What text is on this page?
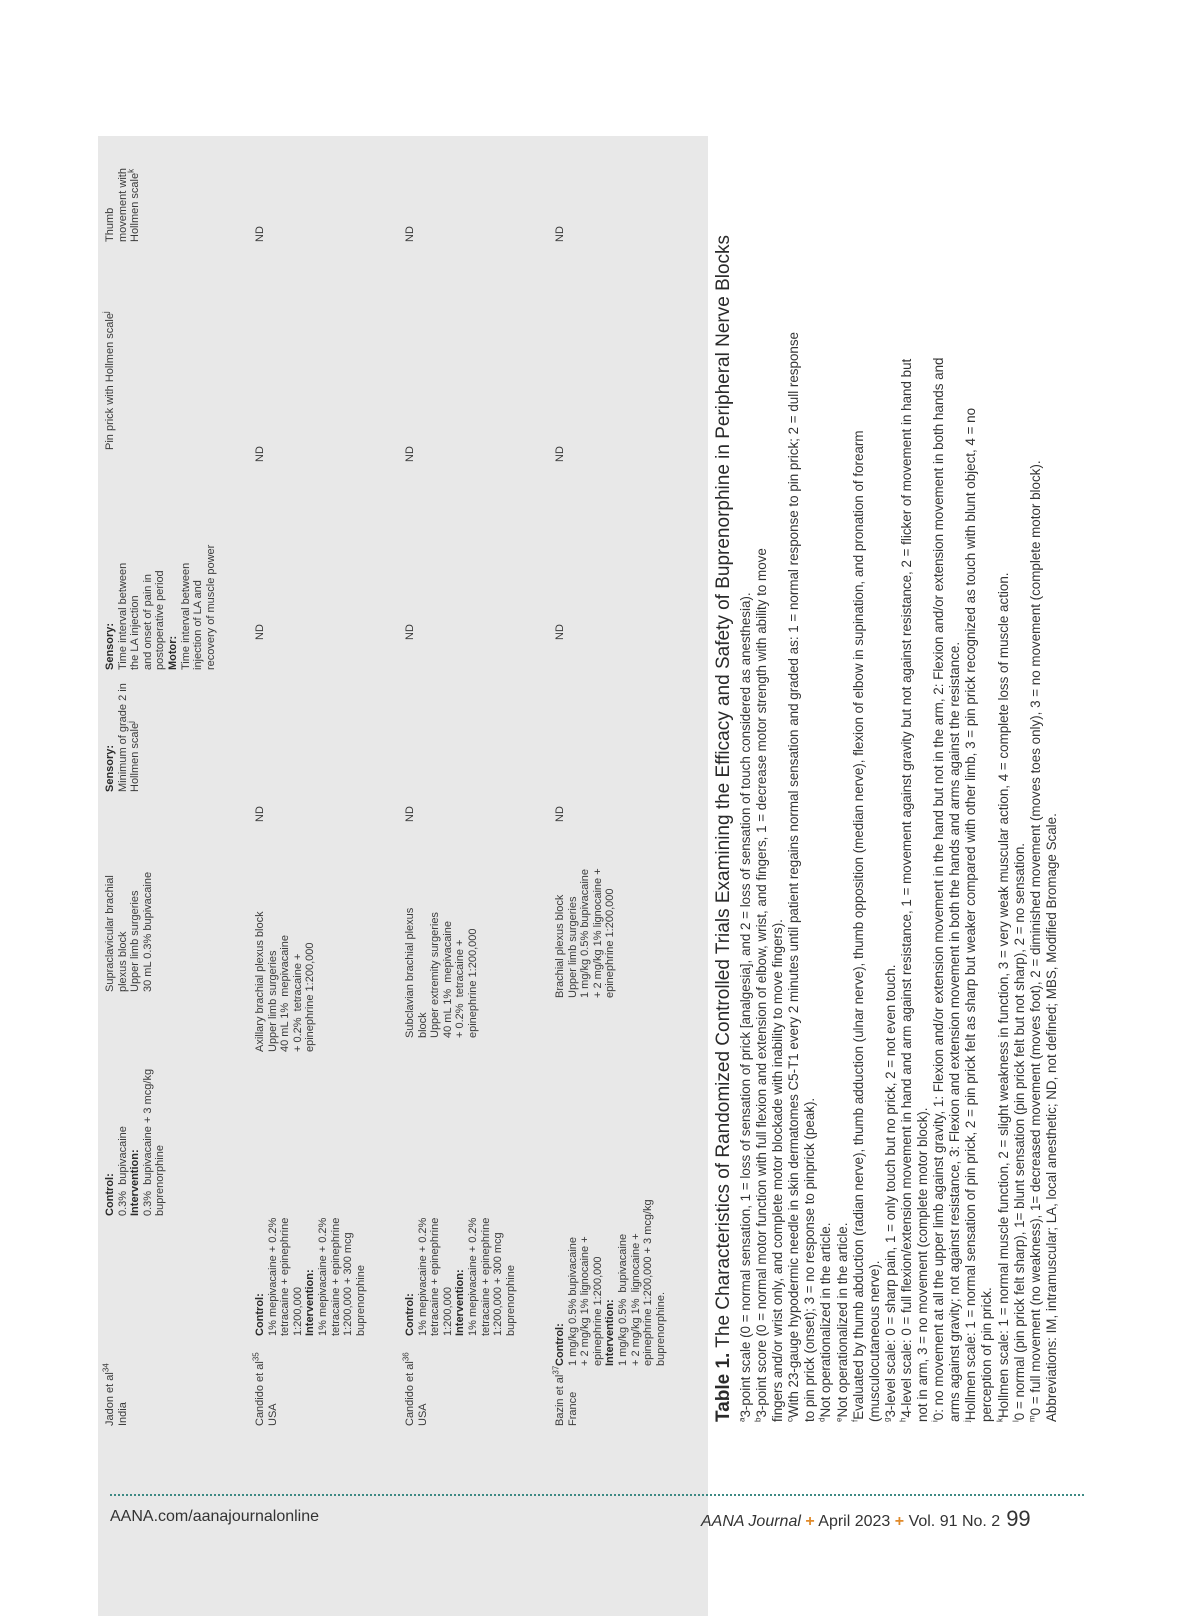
Jadon et $al^{34}$
India
Control:
0.3%  bupivacaine
Intervention:
0.3%  bupivacaine + 3 mcg/kg
buprenorphine
Supraclavicular brachial
plexus block
Upper limb surgeries
30 mL 0.3% bupivacaine
Sensory:
Minimum of grade 2 in
Hollmen scale$^j$
Sensory:
Time interval between
the LA injection
and onset of pain in
postoperative period
Motor:
Time interval between
injection of LA and
recovery of muscle power
Pin prick with Hollmen scale$^j$
Thumb
movement with
Hollmen scale$^k$
Candido et $al^{35}$
USA
Control:
1% mepivacaine + 0.2%
tetracaine + epinephrine
1:200,000
Intervention:
1% mepivacaine + 0.2%
tetracaine + epinephrine
1:200,000 + 300 mcg
buprenorphine
Axillary brachial plexus block
Upper limb surgeries
40 mL 1%  mepivacaine
+ 0.2%  tetracaine +
epinephrine 1:200,000
ND
ND
ND
ND
Candido et $al^{36}$
USA
Control:
1% mepivacaine + 0.2%
tetracaine + epinephrine
1:200,000
Intervention:
1% mepivacaine + 0.2%
tetracaine + epinephrine
1:200,000 + 300 mcg
buprenorphine
Subclavian brachial plexus
block
Upper extremity surgeries
40 mL 1%  mepivacaine
+ 0.2%  tetracaine +
epinephrine 1:200,000
ND
ND
ND
ND
Bazin et $al^{37}$
France
Control:
1 mg/kg 0.5% bupivacaine
+ 2 mg/kg 1% lignocaine +
epinephrine 1:200,000
Intervention:
1 mg/kg 0.5%  bupivacaine
+ 2 mg/kg 1%  lignocaine +
epinephrine 1:200,000 + 3 mcg/kg
buprenorphine.
Brachial plexus block
Upper limb surgeries
1 mg/kg 0.5% bupivacaine
+ 2 mg/kg 1% lignocaine +
epinephrine 1:200,000
ND
ND
ND
ND
Table 1. The Characteristics of Randomized Controlled Trials Examining the Efficacy and Safety of Buprenorphine in Peripheral Nerve Blocks
$^a$3-point scale (0 = normal sensation, 1 = loss of sensation of prick [analgesia], and 2 = loss of sensation of touch considered as anesthesia).
$^b$3-point score (0 = normal motor function with full flexion and extension of elbow, wrist, and fingers, 1 = decrease motor strength with ability to move fingers and/or wrist only, and complete motor blockade with inability to move fingers). $^c$With 23-gauge hypodermic needle in skin dermatomes C5-T1 every 2 minutes until patient regains normal sensation and graded as: 1 = normal response to pin prick; 2 = dull response to pin prick (onset); 3 = no response to pinprick (peak). $^d$Not operationalized in the article.
$^e$Not operationalized in the article.
$^f$Evaluated by thumb abduction (radian nerve), thumb adduction (ulnar nerve), thumb opposition (median nerve), flexion of elbow in supination, and pronation of forearm (musculocutaneous nerve). $^g$3-level scale: 0 = sharp pain, 1 = only touch but no prick, 2 = not even touch.
$^h$4-level scale: 0 = full flexion/extension movement in hand and arm against resistance, 1 = movement against gravity but not against resistance, 2 = flicker of movement in hand but not in arm, 3 = no movement (complete motor block). $^i$0: no movement at all the upper limb against gravity, 1: Flexion and/or extension movement in the hand but not in the arm, 2: Flexion and/or extension movement in both hands and arms against gravity; not against resistance, 3: Flexion and extension movement in both the hands and arms against the resistance. $^j$Hollmen scale: 1 = normal sensation of pin prick, 2 = pin prick felt as sharp but weaker compared with other limb, 3 = pin prick recognized as touch with blunt object, 4 = no perception of pin prick. $^k$Hollmen scale: 1 = normal muscle function, 2 = slight weakness in function, 3 = very weak muscular action, 4 = complete loss of muscle action.
$^l$0 = normal (pin prick felt sharp), 1= blunt sensation (pin prick felt but not sharp), 2 = no sensation. $^m$0 = full movement (no weakness), 1= decreased movement (moves foot), 2 = diminished movement (moves toes only), 3 = no movement (complete motor block). Abbreviations: IM, intramuscular; LA, local anesthetic; ND, not defined; MBS, Modified Bromage Scale.
AANA.com/aanajournalonline	AANA Journal + April 2023 + Vol. 91 No. 2 99
